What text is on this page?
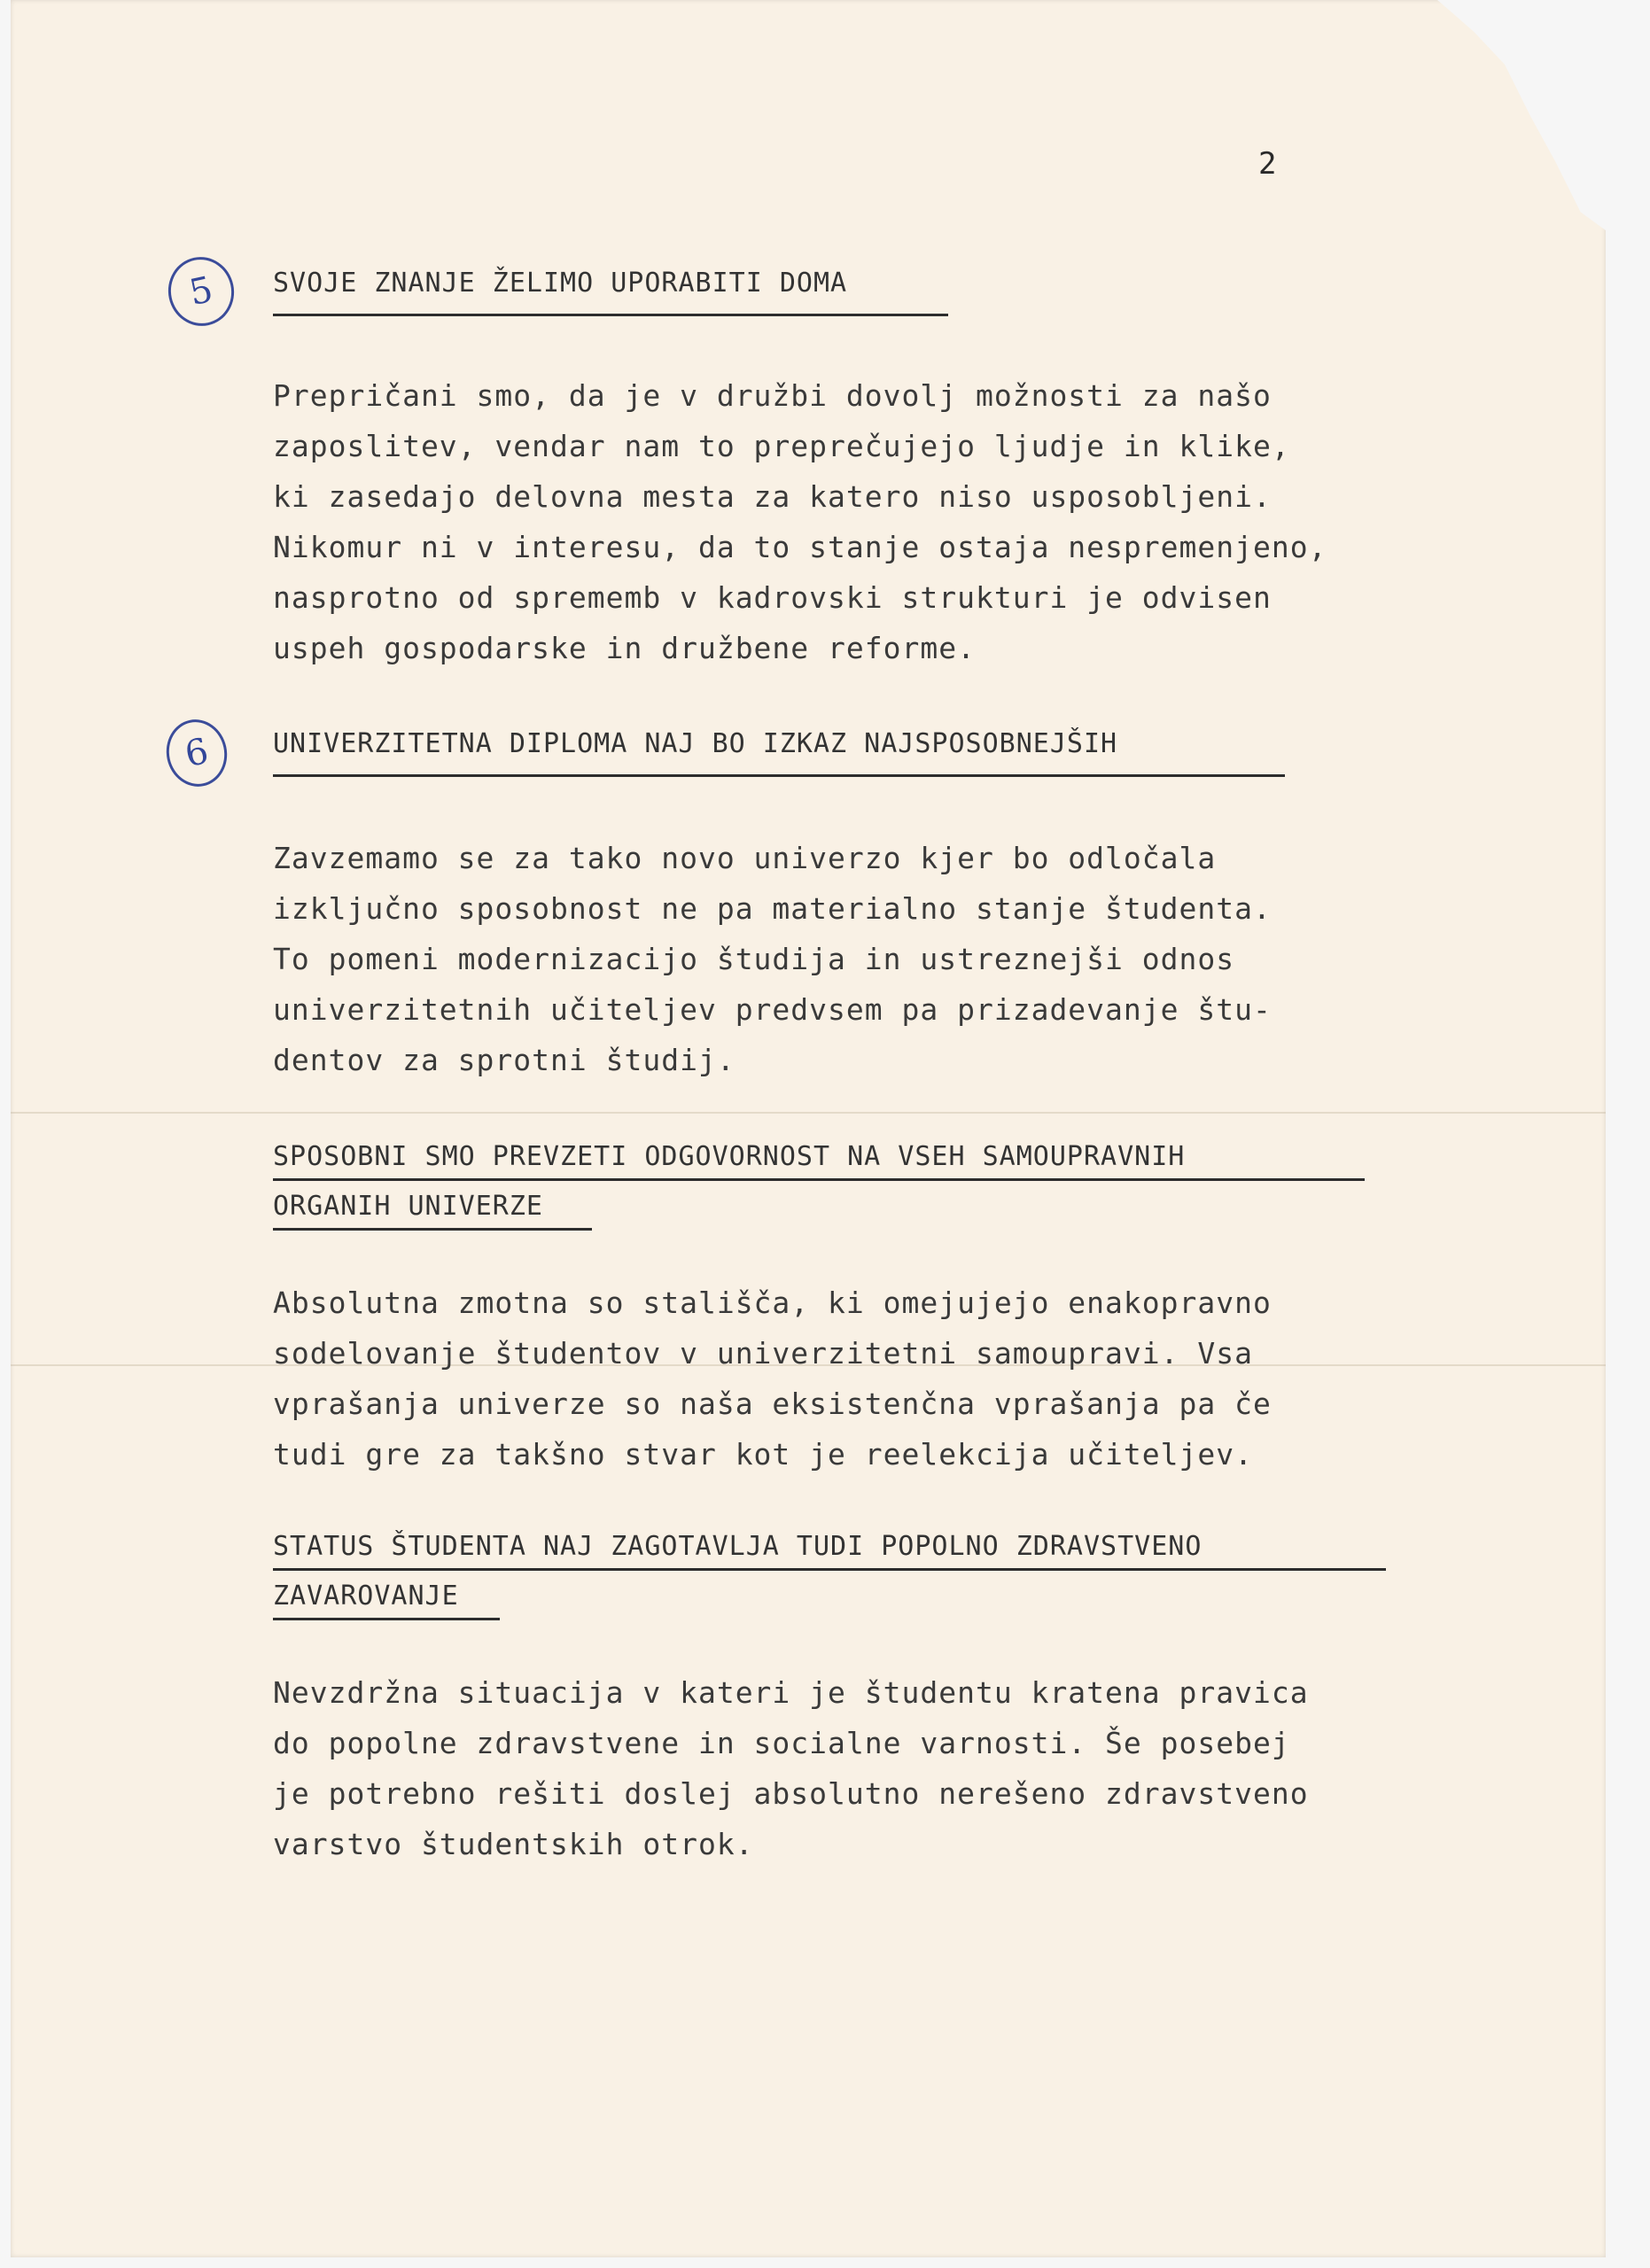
2
5	SVOJE ZNANJE ŽELIMO UPORABITI DOMA
Prepričani smo, da je v družbi dovolj možnosti za našo
zaposlitev, vendar nam to preprečujejo ljudje in klike,
ki zasedajo delovna mesta za katero niso usposobljeni.
Nikomur ni v interesu, da to stanje ostaja nespremenjeno,
nasprotno od sprememb v kadrovski strukturi je odvisen
uspeh gospodarske in družbene reforme.
6	UNIVERZITETNA DIPLOMA NAJ BO IZKAZ NAJSPOSOBNEJŠIH
Zavzemamo se za tako novo univerzo kjer bo odločala
izključno sposobnost ne pa materialno stanje študenta.
To pomeni modernizacijo študija in ustreznejši odnos
univerzitetnih učiteljev predvsem pa prizadevanje štu-
dentov za sprotni študij.
SPOSOBNI SMO PREVZETI ODGOVORNOST NA VSEH SAMOUPRAVNIH
ORGANIH UNIVERZE
Absolutna zmotna so stališča, ki omejujejo enakopravno
sodelovanje študentov v univerzitetni samoupravi. Vsa
vprašanja univerze so naša eksistenčna vprašanja pa če
tudi gre za takšno stvar kot je reelekcija učiteljev.
STATUS ŠTUDENTA NAJ ZAGOTAVLJA TUDI POPOLNO ZDRAVSTVENO
ZAVAROVANJE
Nevzdržna situacija v kateri je študentu kratena pravica
do popolne zdravstvene in socialne varnosti. Še posebej
je potrebno rešiti doslej absolutno nerešeno zdravstveno
varstvo študentskih otrok.
